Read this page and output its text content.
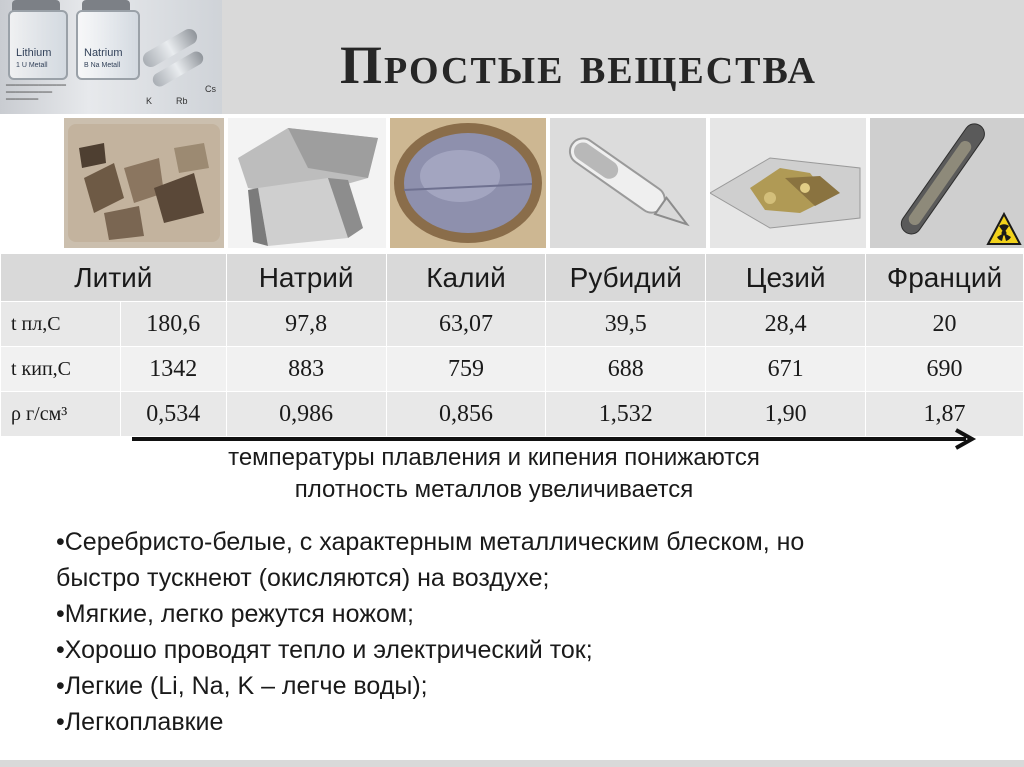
Простые вещества
Lithium
1 U Metall
Natrium
B Na Metall
▁▁▁▁▁▁▁▁▁▁▁▁▁
▁▁▁▁▁▁▁▁▁▁
▁▁▁▁▁▁▁	K	Rb
Cs
Литий		Натрий	Калий	Рубидий	Цезий	Франций
t пл,С	180,6	97,8	63,07	39,5	28,4	20
t кип,С	1342	883	759	688	671	690
ρ г/см³	0,534	0,986	0,856	1,532	1,90	1,87
температуры плавления и кипения понижаются
плотность металлов увеличивается
•Серебристо-белые, с характерным металлическим блеском, но
быстро тускнеют (окисляются) на воздухе;
•Мягкие, легко режутся ножом;
•Хорошо проводят тепло и электрический ток;
•Легкие (Li, Na, K – легче воды);
•Легкоплавкие
